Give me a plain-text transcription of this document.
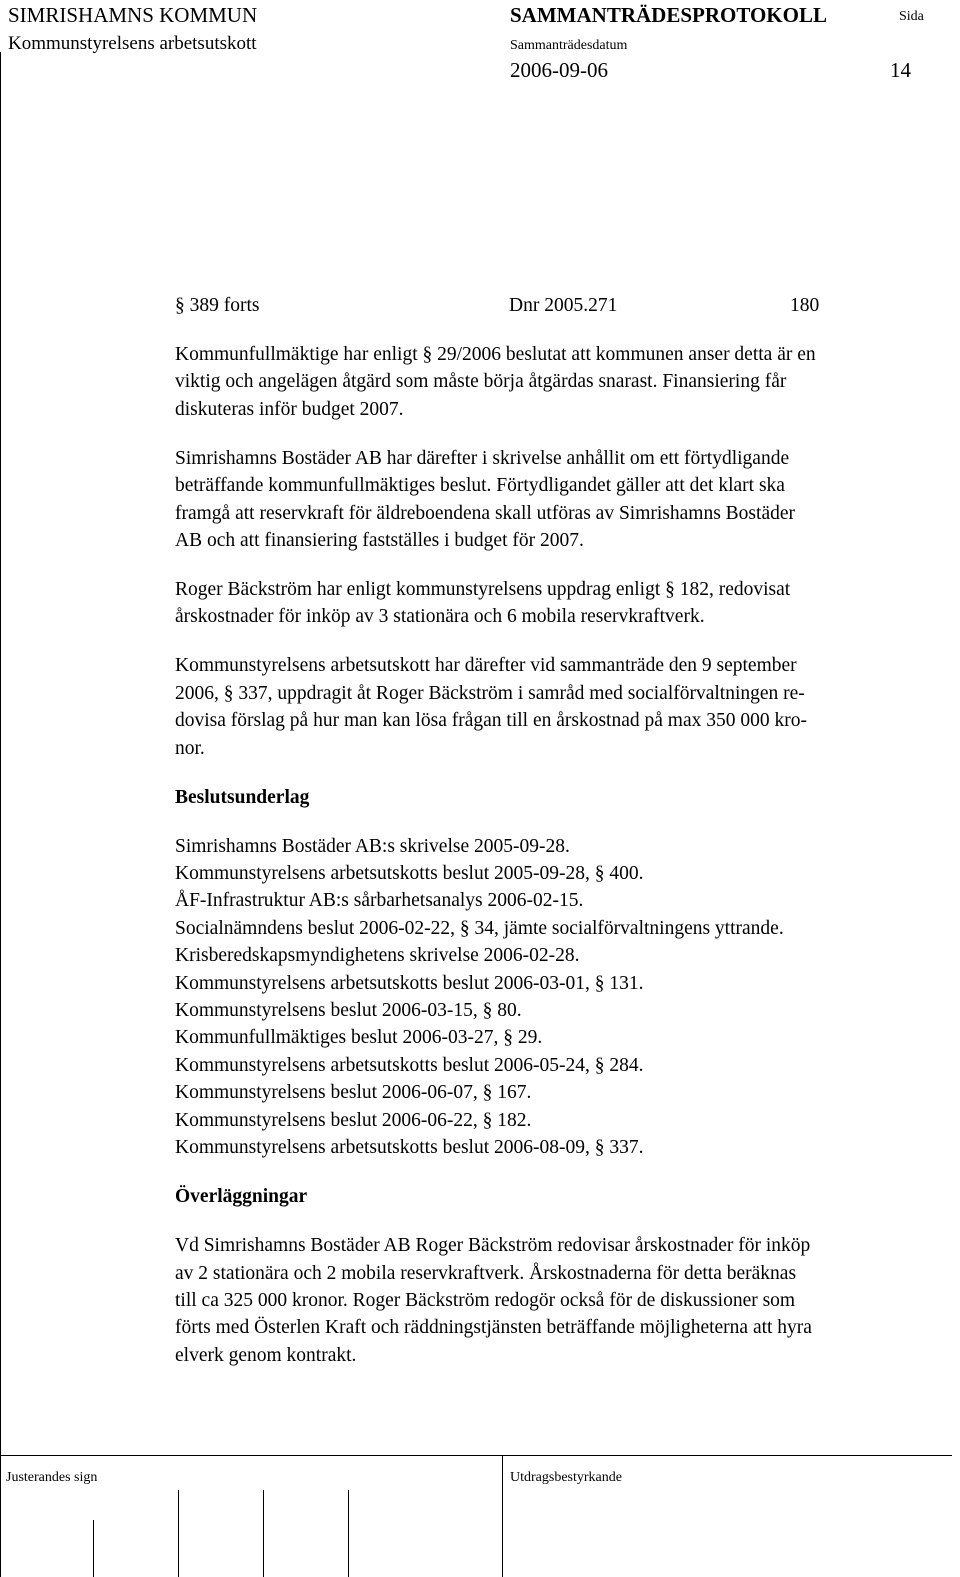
SIMRISHAMNS KOMMUN
Kommunstyrelsens arbetsutskott
SAMMANTRÄDESPROTOKOLL	Sida
Sammanträdesdatum
2006-09-06	14
§ 389 forts	Dnr 2005.271	180

Kommunfullmäktige har enligt § 29/2006 beslutat att kommunen anser detta är en
viktig och angelägen åtgärd som måste börja åtgärdas snarast. Finansiering får
diskuteras inför budget 2007.

Simrishamns Bostäder AB har därefter i skrivelse anhållit om ett förtydligande
beträffande kommunfullmäktiges beslut. Förtydligandet gäller att det klart ska
framgå att reservkraft för äldreboendena skall utföras av Simrishamns Bostäder
AB och att finansiering fastställes i budget för 2007.

Roger Bäckström har enligt kommunstyrelsens uppdrag enligt § 182, redovisat
årskostnader för inköp av 3 stationära och 6 mobila reservkraftverk.

Kommunstyrelsens arbetsutskott har därefter vid sammanträde den 9 september
2006, § 337, uppdragit åt Roger Bäckström i samråd med socialförvaltningen re-
dovisa förslag på hur man kan lösa frågan till en årskostnad på max 350 000 kro-
nor.

Beslutsunderlag

Simrishamns Bostäder AB:s skrivelse 2005-09-28.
Kommunstyrelsens arbetsutskotts beslut 2005-09-28, § 400.
ÅF-Infrastruktur AB:s sårbarhetsanalys 2006-02-15.
Socialnämndens beslut 2006-02-22, § 34, jämte socialförvaltningens yttrande.
Krisberedskapsmyndighetens skrivelse 2006-02-28.
Kommunstyrelsens arbetsutskotts beslut 2006-03-01, § 131.
Kommunstyrelsens beslut 2006-03-15, § 80.
Kommunfullmäktiges beslut 2006-03-27, § 29.
Kommunstyrelsens arbetsutskotts beslut 2006-05-24, § 284.
Kommunstyrelsens beslut 2006-06-07, § 167.
Kommunstyrelsens beslut 2006-06-22, § 182.
Kommunstyrelsens arbetsutskotts beslut 2006-08-09, § 337.

Överläggningar

Vd Simrishamns Bostäder AB Roger Bäckström redovisar årskostnader för inköp
av 2 stationära och 2 mobila reservkraftverk. Årskostnaderna för detta beräknas
till ca 325 000 kronor. Roger Bäckström redogör också för de diskussioner som
förts med Österlen Kraft och räddningstjänsten beträffande möjligheterna att hyra
elverk genom kontrakt.

Justerandes sign	Utdragsbestyrkande
